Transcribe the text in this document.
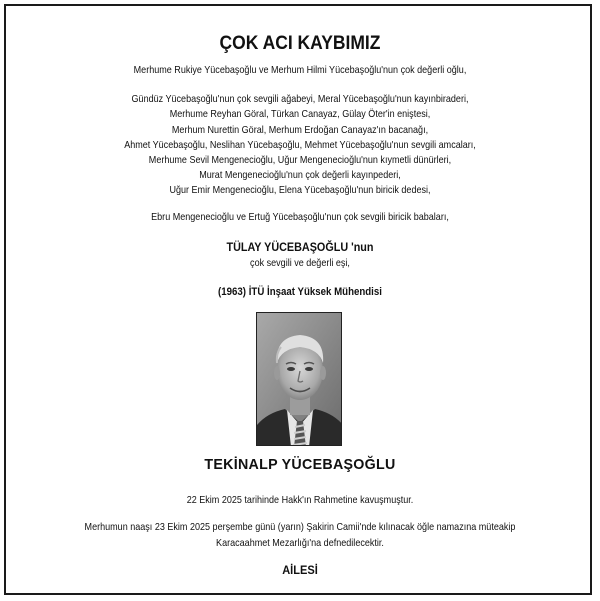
ÇOK ACI KAYBIMIZ
Merhume Rukiye Yücebaşoğlu ve Merhum Hilmi Yücebaşoğlu'nun çok değerli oğlu,
Gündüz Yücebaşoğlu'nun çok sevgili ağabeyi, Meral Yücebaşoğlu'nun kayınbiraderi,
Merhume Reyhan Göral, Türkan Canayaz, Gülay Öter'in eniştesi,
Merhum Nurettin Göral, Merhum Erdoğan Canayaz'ın bacanağı,
Ahmet Yücebaşoğlu, Neslihan Yücebaşoğlu, Mehmet Yücebaşoğlu'nun sevgili amcaları,
Merhume Sevil Mengenecioğlu, Uğur Mengenecioğlu'nun kıymetli dünürleri,
Murat Mengenecioğlu'nun çok değerli kayınpederi,
Uğur Emir Mengenecioğlu, Elena Yücebaşoğlu'nun biricik dedesi,
Ebru Mengenecioğlu ve Ertuğ Yücebaşoğlu'nun çok sevgili biricik babaları,
TÜLAY YÜCEBAŞOĞLU 'nun
çok sevgili ve değerli eşi,
(1963) İTÜ İnşaat Yüksek Mühendisi
TEKİNALP YÜCEBAŞOĞLU
22 Ekim 2025 tarihinde Hakk'ın Rahmetine kavuşmuştur.
Merhumun naaşı 23 Ekim 2025 perşembe günü (yarın) Şakirin Camii'nde kılınacak öğle namazına müteakip
Karacaahmet Mezarlığı'na defnedilecektir.
AİLESİ
